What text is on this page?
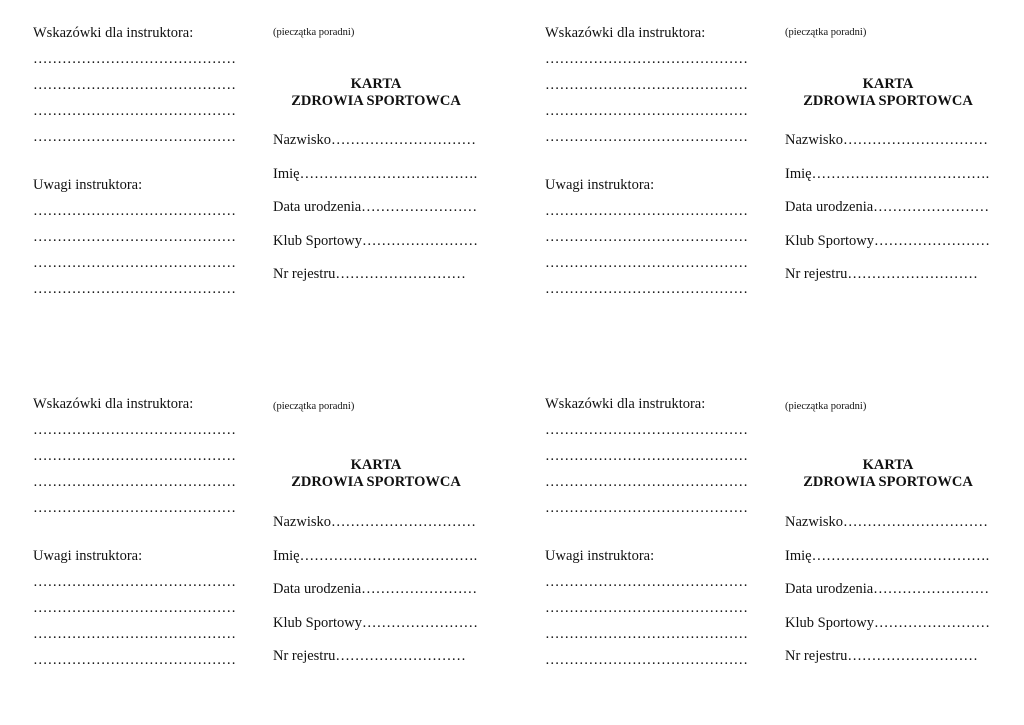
Wskazówki dla instruktora:
……………………………………
……………………………………
……………………………………
……………………………………
Uwagi instruktora:
……………………………………
……………………………………
……………………………………
……………………………………
(pieczątka poradni)
KARTA
ZDROWIA SPORTOWCA
Nazwisko…………………………
Imię……………………………….
Data urodzenia……………………
Klub Sportowy……………………
Nr rejestru………………………
Wskazówki dla instruktora:
……………………………………
……………………………………
……………………………………
……………………………………
Uwagi instruktora:
……………………………………
……………………………………
……………………………………
……………………………………
(pieczątka poradni)
KARTA
ZDROWIA SPORTOWCA
Nazwisko…………………………
Imię……………………………….
Data urodzenia……………………
Klub Sportowy……………………
Nr rejestru………………………
Wskazówki dla instruktora:
……………………………………
……………………………………
……………………………………
……………………………………
Uwagi instruktora:
……………………………………
……………………………………
……………………………………
……………………………………
(pieczątka poradni)
KARTA
ZDROWIA SPORTOWCA
Nazwisko…………………………
Imię……………………………….
Data urodzenia……………………
Klub Sportowy……………………
Nr rejestru………………………
Wskazówki dla instruktora:
……………………………………
……………………………………
……………………………………
……………………………………
Uwagi instruktora:
……………………………………
……………………………………
……………………………………
……………………………………
(pieczątka poradni)
KARTA
ZDROWIA SPORTOWCA
Nazwisko…………………………
Imię……………………………….
Data urodzenia……………………
Klub Sportowy……………………
Nr rejestru………………………
